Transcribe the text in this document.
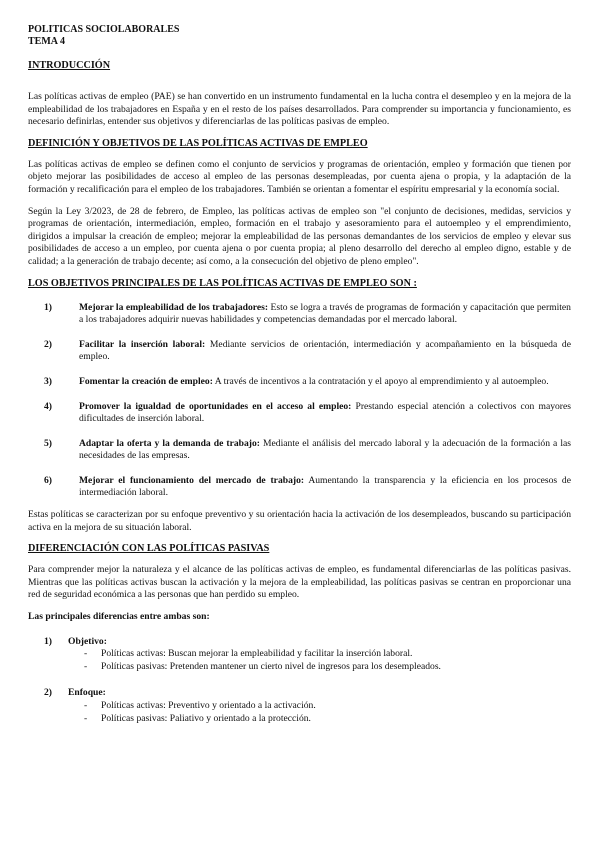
POLITICAS SOCIOLABORALES
TEMA 4
INTRODUCCIÓN

Las políticas activas de empleo (PAE) se han convertido en un instrumento fundamental en la lucha contra el desempleo y en la mejora de la empleabilidad de los trabajadores en España y en el resto de los países desarrollados. Para comprender su importancia y funcionamiento, es necesario definirlas, entender sus objetivos y diferenciarlas de las políticas pasivas de empleo.

DEFINICIÓN Y OBJETIVOS DE LAS POLÍTICAS ACTIVAS DE EMPLEO

Las políticas activas de empleo se definen como el conjunto de servicios y programas de orientación, empleo y formación que tienen por objeto mejorar las posibilidades de acceso al empleo de las personas desempleadas, por cuenta ajena o propia, y la adaptación de la formación y recalificación para el empleo de los trabajadores. También se orientan a fomentar el espíritu empresarial y la economía social.

Según la Ley 3/2023, de 28 de febrero, de Empleo, las políticas activas de empleo son "el conjunto de decisiones, medidas, servicios y programas de orientación, intermediación, empleo, formación en el trabajo y asesoramiento para el autoempleo y el emprendimiento, dirigidos a impulsar la creación de empleo; mejorar la empleabilidad de las personas demandantes de los servicios de empleo y elevar sus posibilidades de acceso a un empleo, por cuenta ajena o por cuenta propia; al pleno desarrollo del derecho al empleo digno, estable y de calidad; a la generación de trabajo decente; así como, a la consecución del objetivo de pleno empleo".

LOS OBJETIVOS PRINCIPALES DE LAS POLÍTICAS ACTIVAS DE EMPLEO SON :
1)	Mejorar la empleabilidad de los trabajadores: Esto se logra a través de programas de formación y capacitación que permiten a los trabajadores adquirir nuevas habilidades y competencias demandadas por el mercado laboral.
2)	Facilitar la inserción laboral: Mediante servicios de orientación, intermediación y acompañamiento en la búsqueda de empleo.
3)	Fomentar la creación de empleo: A través de incentivos a la contratación y el apoyo al emprendimiento y al autoempleo.
4)	Promover la igualdad de oportunidades en el acceso al empleo: Prestando especial atención a colectivos con mayores dificultades de inserción laboral.
5)	Adaptar la oferta y la demanda de trabajo: Mediante el análisis del mercado laboral y la adecuación de la formación a las necesidades de las empresas.
6)	Mejorar el funcionamiento del mercado de trabajo: Aumentando la transparencia y la eficiencia en los procesos de intermediación laboral.

Estas políticas se caracterizan por su enfoque preventivo y su orientación hacia la activación de los desempleados, buscando su participación activa en la mejora de su situación laboral.

DIFERENCIACIÓN CON LAS POLÍTICAS PASIVAS

Para comprender mejor la naturaleza y el alcance de las políticas activas de empleo, es fundamental diferenciarlas de las políticas pasivas. Mientras que las políticas activas buscan la activación y la mejora de la empleabilidad, las políticas pasivas se centran en proporcionar una red de seguridad económica a las personas que han perdido su empleo.

Las principales diferencias entre ambas son:
1) Objetivo:
- Políticas activas: Buscan mejorar la empleabilidad y facilitar la inserción laboral.
- Políticas pasivas: Pretenden mantener un cierto nivel de ingresos para los desempleados.
2) Enfoque:
- Políticas activas: Preventivo y orientado a la activación.
- Políticas pasivas: Paliativo y orientado a la protección.
